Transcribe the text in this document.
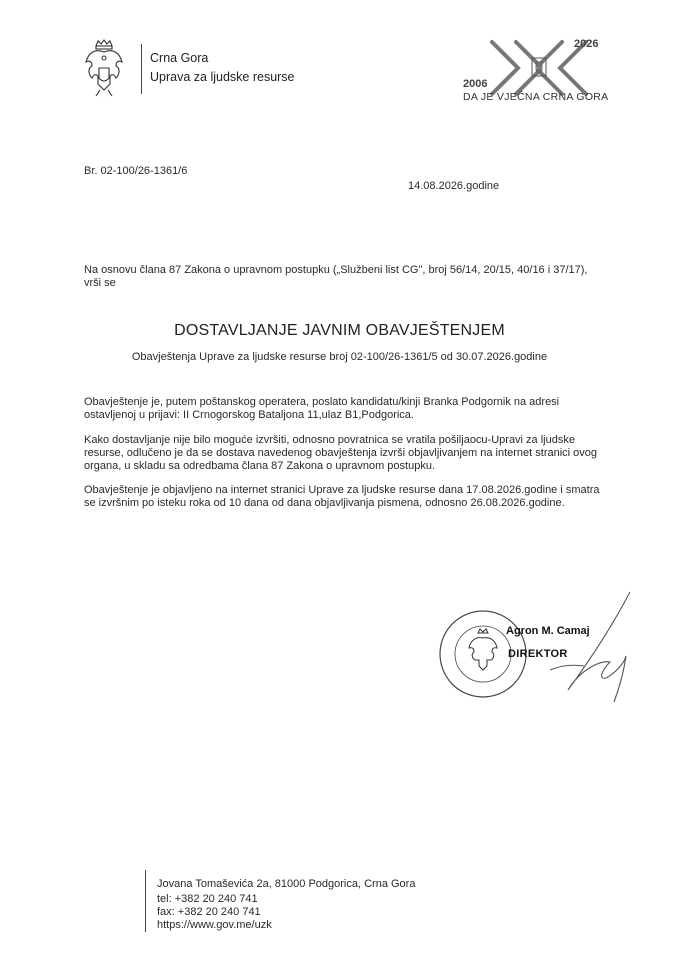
Crna Gora
Uprava za ljudske resurse
2026
2006
DA JE VJEČNA CRNA GORA
Br. 02-100/26-1361/6
14.08.2026.godine
Na osnovu člana 87 Zakona o upravnom postupku („Službeni list CG", broj 56/14, 20/15, 40/16 i 37/17), vrši se
DOSTAVLJANJE JAVNIM OBAVJEŠTENJEM
Obavještenja Uprave za ljudske resurse broj 02-100/26-1361/5 od 30.07.2026.godine
Obavještenje je, putem poštanskog operatera, poslato kandidatu/kinji Branka Podgornik na adresi ostavljenoj u prijavi: II Crnogorskog Bataljona 11,ulaz B1,Podgorica.
Kako dostavljanje nije bilo moguće izvršiti, odnosno povratnica se vratila pošiljaocu-Upravi za ljudske resurse, odlučeno je da se dostava navedenog obavještenja izvrši objavljivanjem na internet stranici ovog organa, u skladu sa odredbama člana 87 Zakona o upravnom postupku.
Obavještenje je objavljeno na internet stranici Uprave za ljudske resurse dana 17.08.2026.godine i smatra se izvršnim po isteku roka od 10 dana od dana objavljivanja pismena, odnosno 26.08.2026.godine.
Agron M. Camaj
DIREKTOR
Jovana Tomaševića 2a, 81000 Podgorica, Crna Gora
tel: +382 20 240 741
fax: +382 20 240 741
https://www.gov.me/uzk
